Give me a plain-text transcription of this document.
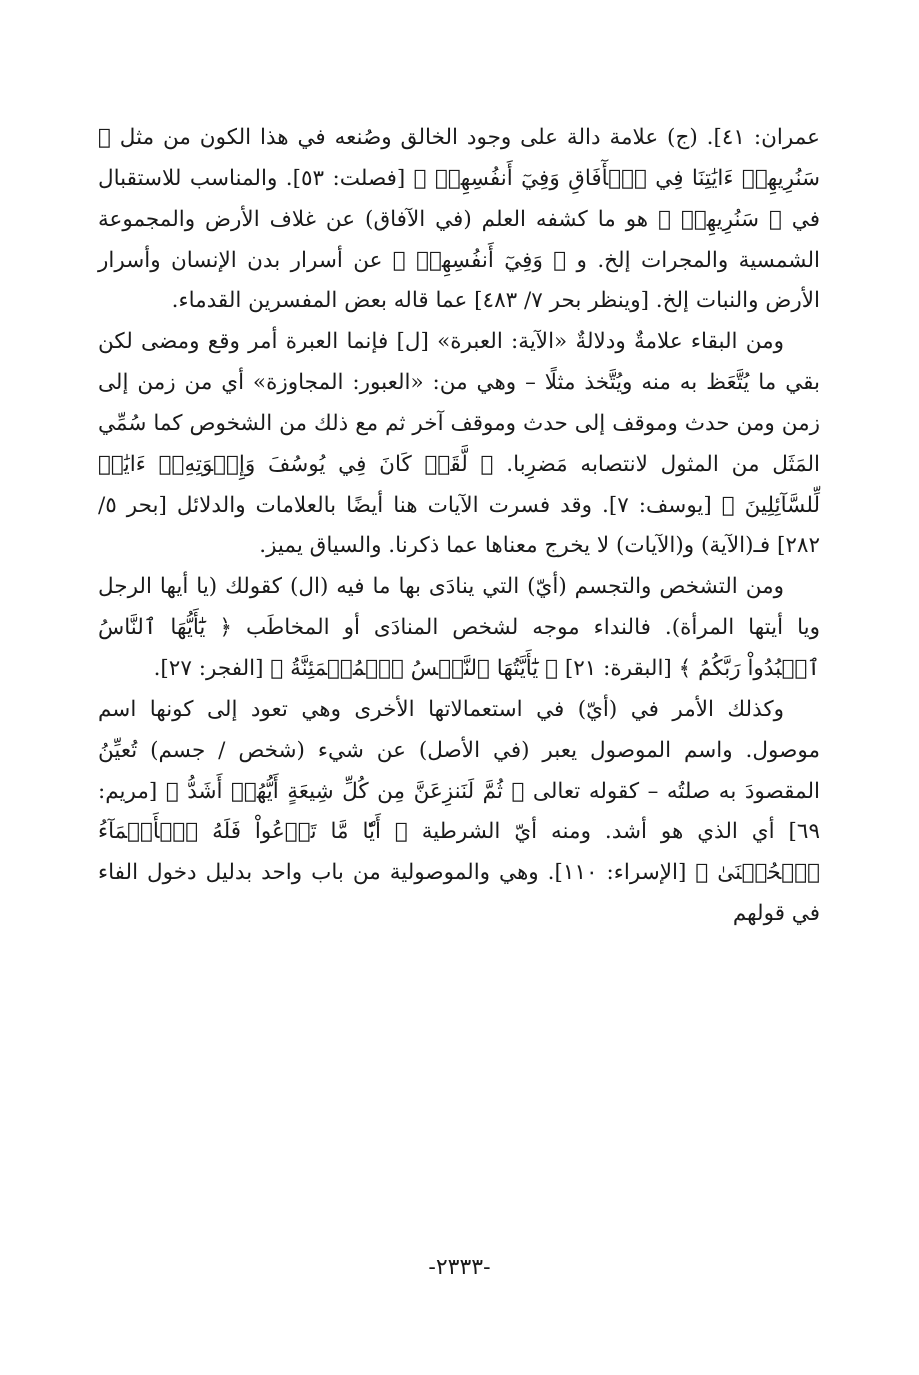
عمران: ٤١]. (ج) علامة دالة على وجود الخالق وصُنعه في هذا الكون من مثل ﴿ سَنُرِيهِمۡ ءَايَٰتِنَا فِي ٱلۡأٓفَاقِ وَفِيٓ أَنفُسِهِمۡ ﴾ [فصلت: ٥٣]. والمناسب للاستقبال في ﴿ سَنُرِيهِمۡ ﴾ هو ما كشفه العلم (في الآفاق) عن غلاف الأرض والمجموعة الشمسية والمجرات إلخ. و ﴿ وَفِيٓ أَنفُسِهِمۡ ﴾ عن أسرار بدن الإنسان وأسرار الأرض والنبات إلخ. [وينظر بحر ٧/ ٤٨٣] عما قاله بعض المفسرين القدماء.

ومن البقاء علامةٌ ودلالةٌ «الآية: العبرة» [ل] فإنما العبرة أمر وقع ومضى لكن بقي ما يُتَّعَظ به منه ويُتَّخذ مثلًا – وهي من: «العبور: المجاوزة» أي من زمن إلى زمن ومن حدث وموقف إلى حدث وموقف آخر ثم مع ذلك من الشخوص كما سُمِّي المَثَل من المثول لانتصابه مَضرِبا. ﴿ لَّقَدۡ كَانَ فِي يُوسُفَ وَإِخۡوَتِهِۦٓ ءَايَٰتٞ لِّلسَّآئِلِينَ ﴾ [يوسف: ٧]. وقد فسرت الآيات هنا أيضًا بالعلامات والدلائل [بحر ٥/ ٢٨٢] فـ(الآية) و(الآيات) لا يخرج معناها عما ذكرنا. والسياق يميز.

ومن التشخص والتجسم (أيّ) التي ينادَى بها ما فيه (ال) كقولك (يا أيها الرجل ويا أيتها المرأة). فالنداء موجه لشخص المنادَى أو المخاطَب ﴿ يَٰٓأَيُّهَا ٱلنَّاسُ ٱعۡبُدُواْ رَبَّكُمُ ﴾ [البقرة: ٢١] ﴿ يَٰٓأَيَّتُهَا ٱلنَّفۡسُ ٱلۡمُطۡمَئِنَّةُ ﴾ [الفجر: ٢٧].

وكذلك الأمر في (أيّ) في استعمالاتها الأخرى وهي تعود إلى كونها اسم موصول. واسم الموصول يعبر (في الأصل) عن شيء (شخص / جسم) تُعيِّنُ المقصودَ به صلتُه – كقوله تعالى ﴿ ثُمَّ لَنَنزِعَنَّ مِن كُلِّ شِيعَةٍ أَيُّهُمۡ أَشَدُّ ﴾ [مريم: ٦٩] أي الذي هو أشد. ومنه أيّ الشرطية ﴿ أَيّٗا مَّا تَدۡعُواْ فَلَهُ ٱلۡأَسۡمَآءُ ٱلۡحُسۡنَىٰ ﴾ [الإسراء: ١١٠]. وهي والموصولية من باب واحد بدليل دخول الفاء في قولهم

-٢٣٣٣-
